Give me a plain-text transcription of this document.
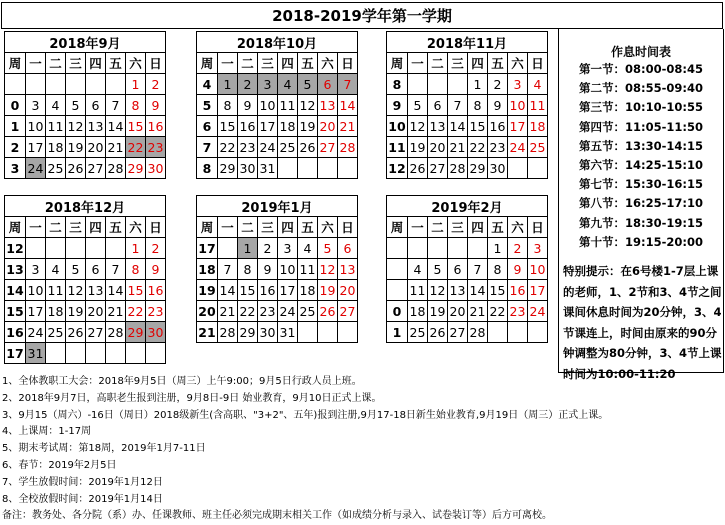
2018-2019学年第一学期
2018年9月							
周	一	二	三	四	五	六	日
						1	2
0	3	4	5	6	7	8	9
1	10	11	12	13	14	15	16
2	17	18	19	20	21	22	23
3	24	25	26	27	28	29	30
2018年10月							
周	一	二	三	四	五	六	日
4	1	2	3	4	5	6	7
5	8	9	10	11	12	13	14
6	15	16	17	18	19	20	21
7	22	23	24	25	26	27	28
8	29	30	31				
2018年11月							
周	一	二	三	四	五	六	日
8				1	2	3	4
9	5	6	7	8	9	10	11
10	12	13	14	15	16	17	18
11	19	20	21	22	23	24	25
12	26	27	28	29	30		
2018年12月							
周	一	二	三	四	五	六	日
12						1	2
13	3	4	5	6	7	8	9
14	10	11	12	13	14	15	16
15	17	18	19	20	21	22	23
16	24	25	26	27	28	29	30
17	31						
2019年1月							
周	一	二	三	四	五	六	日
17		1	2	3	4	5	6
18	7	8	9	10	11	12	13
19	14	15	16	17	18	19	20
20	21	22	23	24	25	26	27
21	28	29	30	31			
2019年2月							
周	一	二	三	四	五	六	日
					1	2	3
	4	5	6	7	8	9	10
	11	12	13	14	15	16	17
0	18	19	20	21	22	23	24
1	25	26	27	28			
作息时间表
第一节：08:00-08:45
第二节：08:55-09:40
第三节：10:10-10:55
第四节：11:05-11:50
第五节：13:30-14:15
第六节：14:25-15:10
第七节：15:30-16:15
第八节：16:25-17:10
第九节：18:30-19:15
第十节：19:15-20:00
特别提示：在6号楼1-7层上课
的老师，1、2节和3、4节之间
课间休息时间为20分钟，3、4
节课连上，时间由原来的90分
钟调整为80分钟，3、4节上课
时间为10:00-11:20
1、全体教职工大会：2018年9月5日（周三）上午9:00；9月5日行政人员上班。
2、2018年9月7日，高职老生报到注册，9月8日-9日 始业教育，9月10日正式上课。
3、9月15（周六）-16日（周日）2018级新生(含高职、"3+2"、五年)报到注册,9月17-18日新生始业教育,9月19日（周三）正式上课。
4、上课周：1-17周
5、期末考试周：第18周，2019年1月7-11日
6、春节：2019年2月5日
7、学生放假时间：2019年1月12日
8、全校放假时间：2019年1月14日
备注：教务处、各分院（系）办、任课教师、班主任必须完成期末相关工作（如成绩分析与录入、试卷装订等）后方可离校。
